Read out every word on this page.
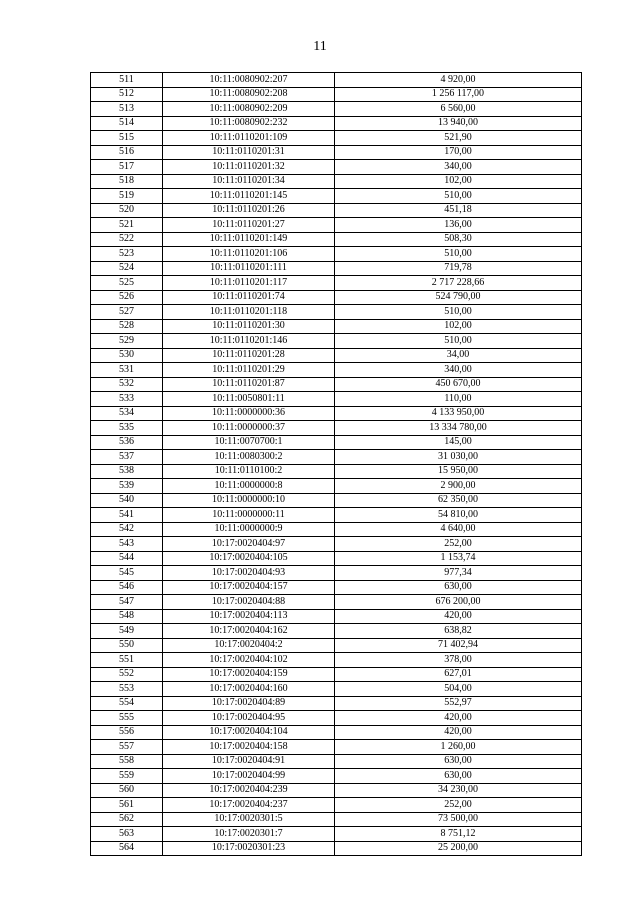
11
511	10:11:0080902:207	4 920,00
512	10:11:0080902:208	1 256 117,00
513	10:11:0080902:209	6 560,00
514	10:11:0080902:232	13 940,00
515	10:11:0110201:109	521,90
516	10:11:0110201:31	170,00
517	10:11:0110201:32	340,00
518	10:11:0110201:34	102,00
519	10:11:0110201:145	510,00
520	10:11:0110201:26	451,18
521	10:11:0110201:27	136,00
522	10:11:0110201:149	508,30
523	10:11:0110201:106	510,00
524	10:11:0110201:111	719,78
525	10:11:0110201:117	2 717 228,66
526	10:11:0110201:74	524 790,00
527	10:11:0110201:118	510,00
528	10:11:0110201:30	102,00
529	10:11:0110201:146	510,00
530	10:11:0110201:28	34,00
531	10:11:0110201:29	340,00
532	10:11:0110201:87	450 670,00
533	10:11:0050801:11	110,00
534	10:11:0000000:36	4 133 950,00
535	10:11:0000000:37	13 334 780,00
536	10:11:0070700:1	145,00
537	10:11:0080300:2	31 030,00
538	10:11:0110100:2	15 950,00
539	10:11:0000000:8	2 900,00
540	10:11:0000000:10	62 350,00
541	10:11:0000000:11	54 810,00
542	10:11:0000000:9	4 640,00
543	10:17:0020404:97	252,00
544	10:17:0020404:105	1 153,74
545	10:17:0020404:93	977,34
546	10:17:0020404:157	630,00
547	10:17:0020404:88	676 200,00
548	10:17:0020404:113	420,00
549	10:17:0020404:162	638,82
550	10:17:0020404:2	71 402,94
551	10:17:0020404:102	378,00
552	10:17:0020404:159	627,01
553	10:17:0020404:160	504,00
554	10:17:0020404:89	552,97
555	10:17:0020404:95	420,00
556	10:17:0020404:104	420,00
557	10:17:0020404:158	1 260,00
558	10:17:0020404:91	630,00
559	10:17:0020404:99	630,00
560	10:17:0020404:239	34 230,00
561	10:17:0020404:237	252,00
562	10:17:0020301:5	73 500,00
563	10:17:0020301:7	8 751,12
564	10:17:0020301:23	25 200,00
